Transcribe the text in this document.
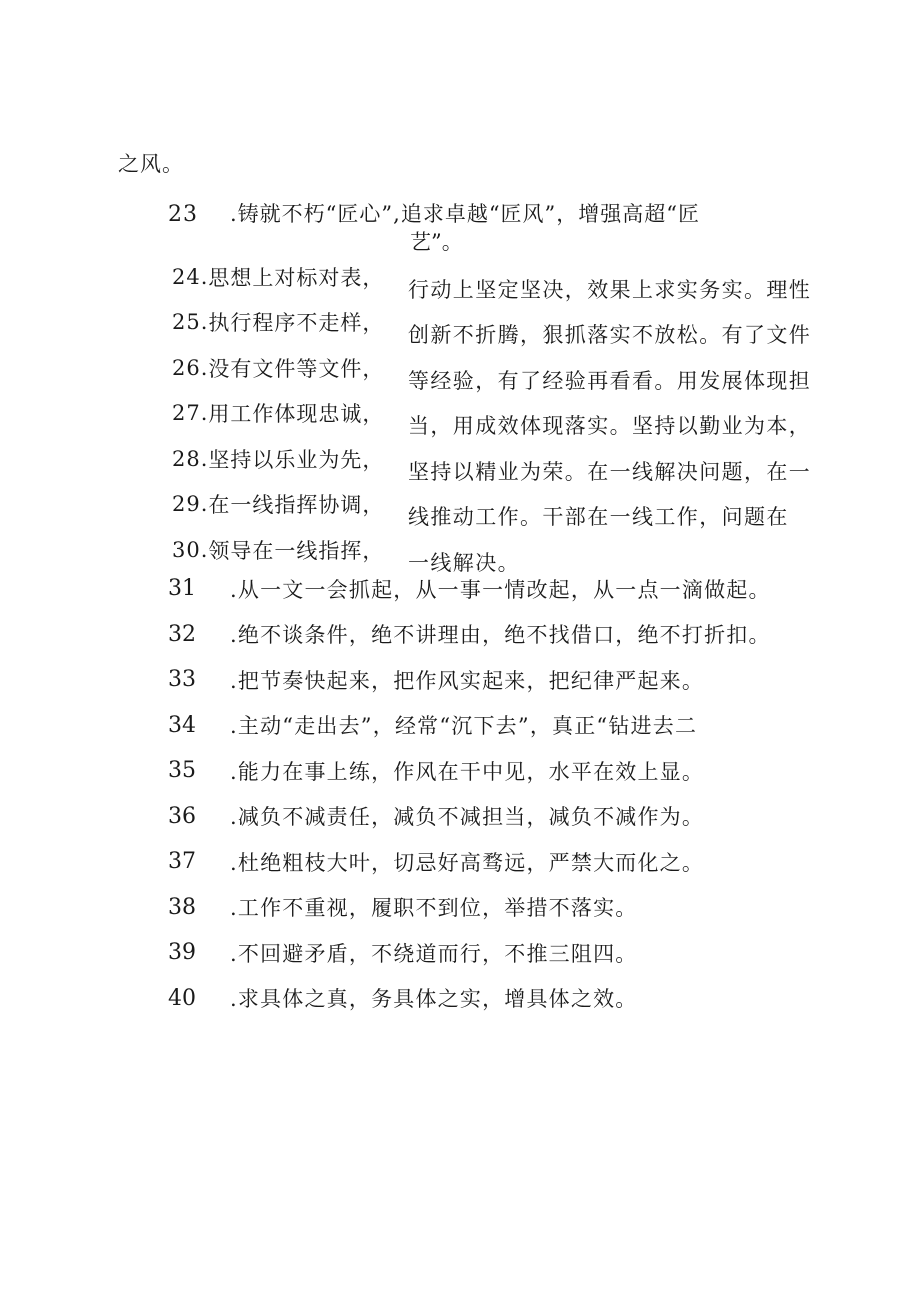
之风。
23 .铸就不朽“匠心”,追求卓越“匠风”，增强高超“匠
艺”。
24. 思想上对标对表，
25. 执行程序不走样，
26. 没有文件等文件，
27. 用工作体现忠诚，
28. 坚持以乐业为先，
29. 在一线指挥协调，
30. 领导在一线指挥，
行动上坚定坚决，效果上求实务实。理性
创新不折腾，狠抓落实不放松。有了文件
等经验，有了经验再看看。用发展体现担
当，用成效体现落实。坚持以勤业为本，
坚持以精业为荣。在一线解决问题，在一
线推动工作。干部在一线工作，问题在
一线解决。
31	.从一文一会抓起，从一事一情改起，从一点一滴做起。
32	.绝不谈条件，绝不讲理由，绝不找借口，绝不打折扣。
33	.把节奏快起来，把作风实起来，把纪律严起来。
34	.主动“走出去”，经常“沉下去”，真正“钻进去二
35	.能力在事上练，作风在干中见，水平在效上显。
36	.减负不减责任，减负不减担当，减负不减作为。
37	.杜绝粗枝大叶，切忌好高骛远，严禁大而化之。
38	.工作不重视，履职不到位，举措不落实。
39	.不回避矛盾，不绕道而行，不推三阻四。
40	.求具体之真，务具体之实，增具体之效。
